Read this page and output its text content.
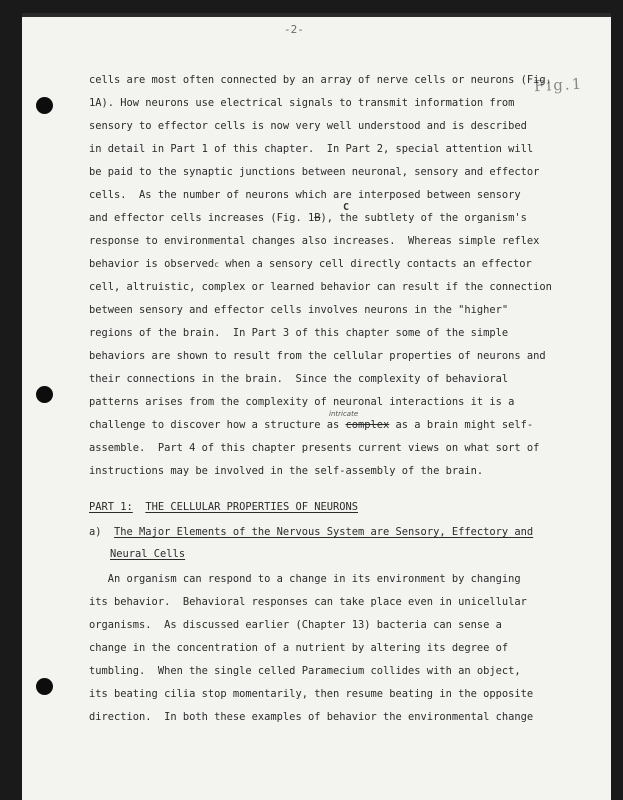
-2-
Fig.1
cells are most often connected by an array of nerve cells or neurons (Fig.
1A). How neurons use electrical signals to transmit information from
sensory to effector cells is now very well understood and is described
in detail in Part 1 of this chapter.  In Part 2, special attention will
be paid to the synaptic junctions between neuronal, sensory and effector
cells.  As the number of neurons which are interposed between sensory
C
and effector cells increases (Fig. 1B), the subtlety of the organism's
response to environmental changes also increases.  Whereas simple reflex
behavior is observedc when a sensory cell directly contacts an effector
cell, altruistic, complex or learned behavior can result if the connection
between sensory and effector cells involves neurons in the "higher"
regions of the brain.  In Part 3 of this chapter some of the simple
behaviors are shown to result from the cellular properties of neurons and
their connections in the brain.  Since the complexity of behavioral
patterns arises from the complexity of neuronal interactions it is a
intricate
challenge to discover how a structure as complex as a brain might self-
assemble.  Part 4 of this chapter presents current views on what sort of
instructions may be involved in the self-assembly of the brain.
PART 1: THE CELLULAR PROPERTIES OF NEURONS
a) The Major Elements of the Nervous System are Sensory, Effectory and
Neural Cells
An organism can respond to a change in its environment by changing
its behavior.  Behavioral responses can take place even in unicellular
organisms.  As discussed earlier (Chapter 13) bacteria can sense a
change in the concentration of a nutrient by altering its degree of
tumbling.  When the single celled Paramecium collides with an object,
its beating cilia stop momentarily, then resume beating in the opposite
direction.  In both these examples of behavior the environmental change
